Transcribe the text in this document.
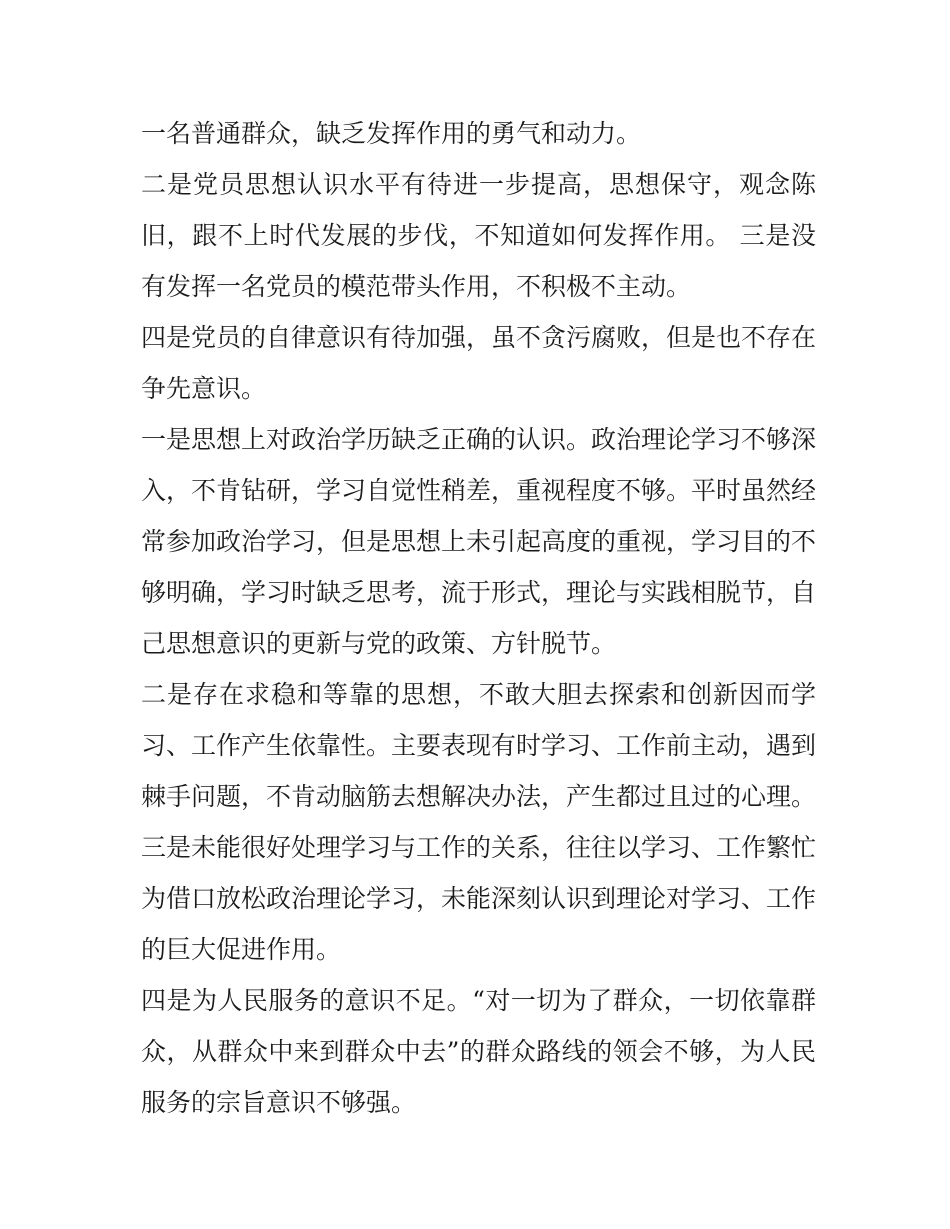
一名普通群众，缺乏发挥作用的勇气和动力。

二是党员思想认识水平有待进一步提高，思想保守，观念陈旧，跟不上时代发展的步伐，不知道如何发挥作用。 三是没有发挥一名党员的模范带头作用，不积极不主动。

四是党员的自律意识有待加强，虽不贪污腐败，但是也不存在争先意识。

一是思想上对政治学历缺乏正确的认识。政治理论学习不够深入，不肯钻研，学习自觉性稍差，重视程度不够。平时虽然经常参加政治学习，但是思想上未引起高度的重视，学习目的不够明确，学习时缺乏思考，流于形式，理论与实践相脱节，自己思想意识的更新与党的政策、方针脱节。

二是存在求稳和等靠的思想，不敢大胆去探索和创新因而学习、工作产生依靠性。主要表现有时学习、工作前主动，遇到棘手问题，不肯动脑筋去想解决办法，产生都过且过的心理。

三是未能很好处理学习与工作的关系，往往以学习、工作繁忙为借口放松政治理论学习，未能深刻认识到理论对学习、工作的巨大促进作用。

四是为人民服务的意识不足。“对一切为了群众，一切依靠群众，从群众中来到群众中去”的群众路线的领会不够，为人民服务的宗旨意识不够强。
